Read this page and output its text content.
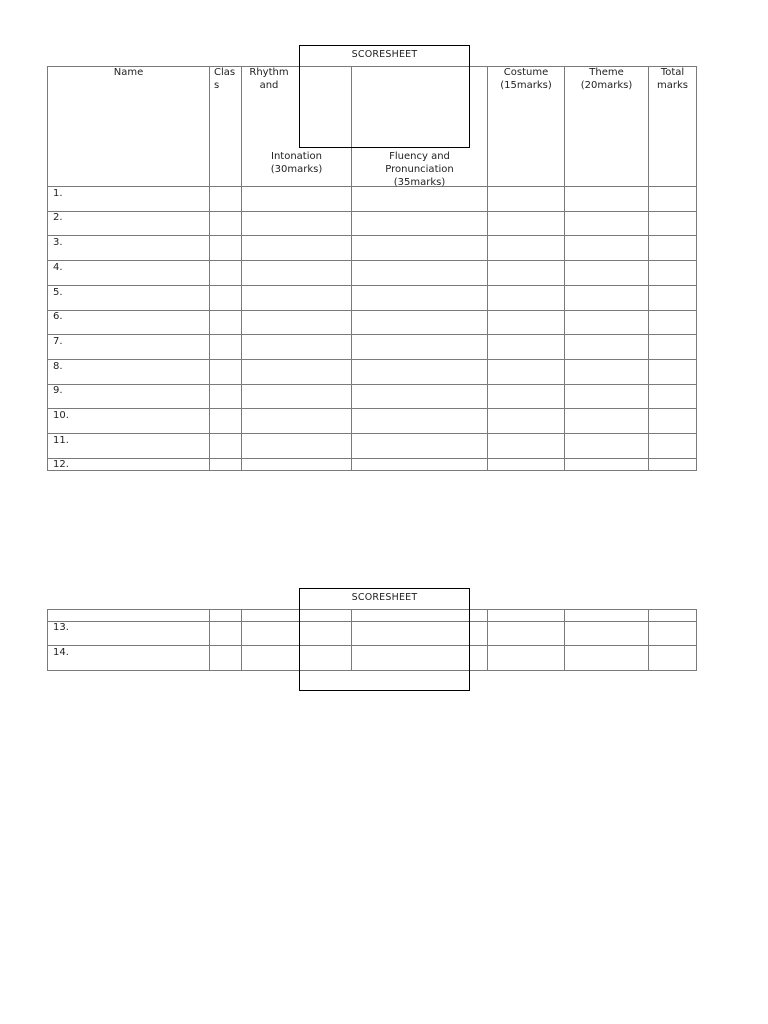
Name	Clas
s
Rhythm
and
Intonation
(30marks)
Fluency and
Pronunciation
(35marks)
Costume
(15marks)
Theme
(20marks)
Total
marks
1.
2.
3.
4.
5.
6.
7.
8.
9.
10.
11.
12.
SCORESHEET
13.
14.
SCORESHEET
